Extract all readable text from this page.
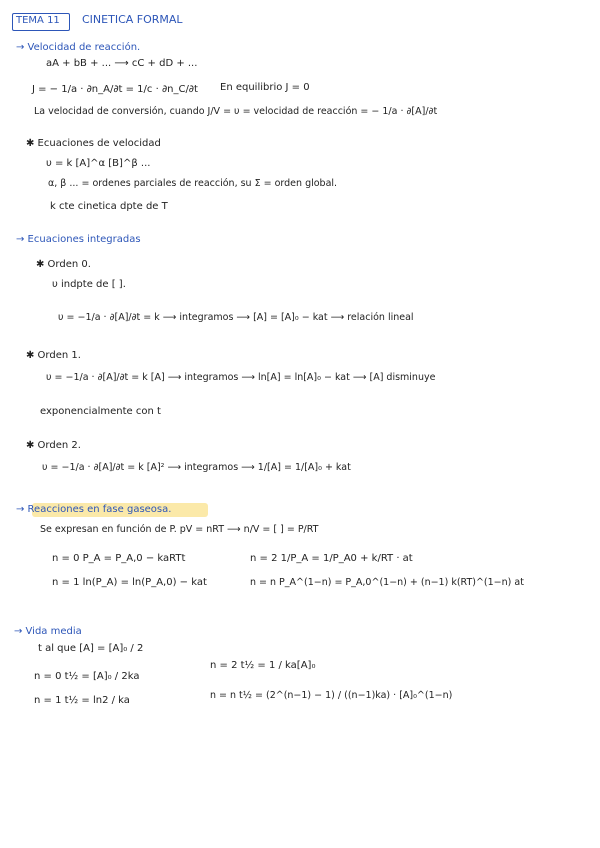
TEMA 11 CINETICA FORMAL
→ Velocidad de reacción.
aA + bB + ... ⟶ cC + dD + ...
J = − 1/a · ∂n_A/∂t = 1/c · ∂n_C/∂t En equilibrio J = 0
La velocidad de conversión, cuando J/V = υ = velocidad de reacción = − 1/a · ∂[A]/∂t
✱ Ecuaciones de velocidad
υ = k [A]^α [B]^β ...
α, β ... = ordenes parciales de reacción, su Σ = orden global.
k cte cinetica dpte de T
→ Ecuaciones integradas
✱ Orden 0.
υ indpte de [ ].
υ = −1/a · ∂[A]/∂t = k ⟶ integramos ⟶ [A] = [A]₀ − kat ⟶ relación lineal
✱ Orden 1.
υ = −1/a · ∂[A]/∂t = k [A] ⟶ integramos ⟶ ln[A] = ln[A]₀ − kat ⟶ [A] disminuye
exponencialmente con t
✱ Orden 2.
υ = −1/a · ∂[A]/∂t = k [A]² ⟶ integramos ⟶ 1/[A] = 1/[A]₀ + kat
→ Reacciones en fase gaseosa.
Se expresan en función de P. pV = nRT ⟶ n/V = [ ] = P/RT
n = 0 P_A = P_A,0 − kaRTt	n = 2 1/P_A = 1/P_A0 + k/RT · at
n = 1 ln(P_A) = ln(P_A,0) − kat	n = n P_A^(1−n) = P_A,0^(1−n) + (n−1) k(RT)^(1−n) at
→ Vida media
t al que [A] = [A]₀ / 2
n = 0 t½ = [A]₀ / 2ka
n = 1 t½ = ln2 / ka
n = 2 t½ = 1 / ka[A]₀
n = n t½ = (2^(n−1) − 1) / ((n−1)ka) · [A]₀^(1−n)
